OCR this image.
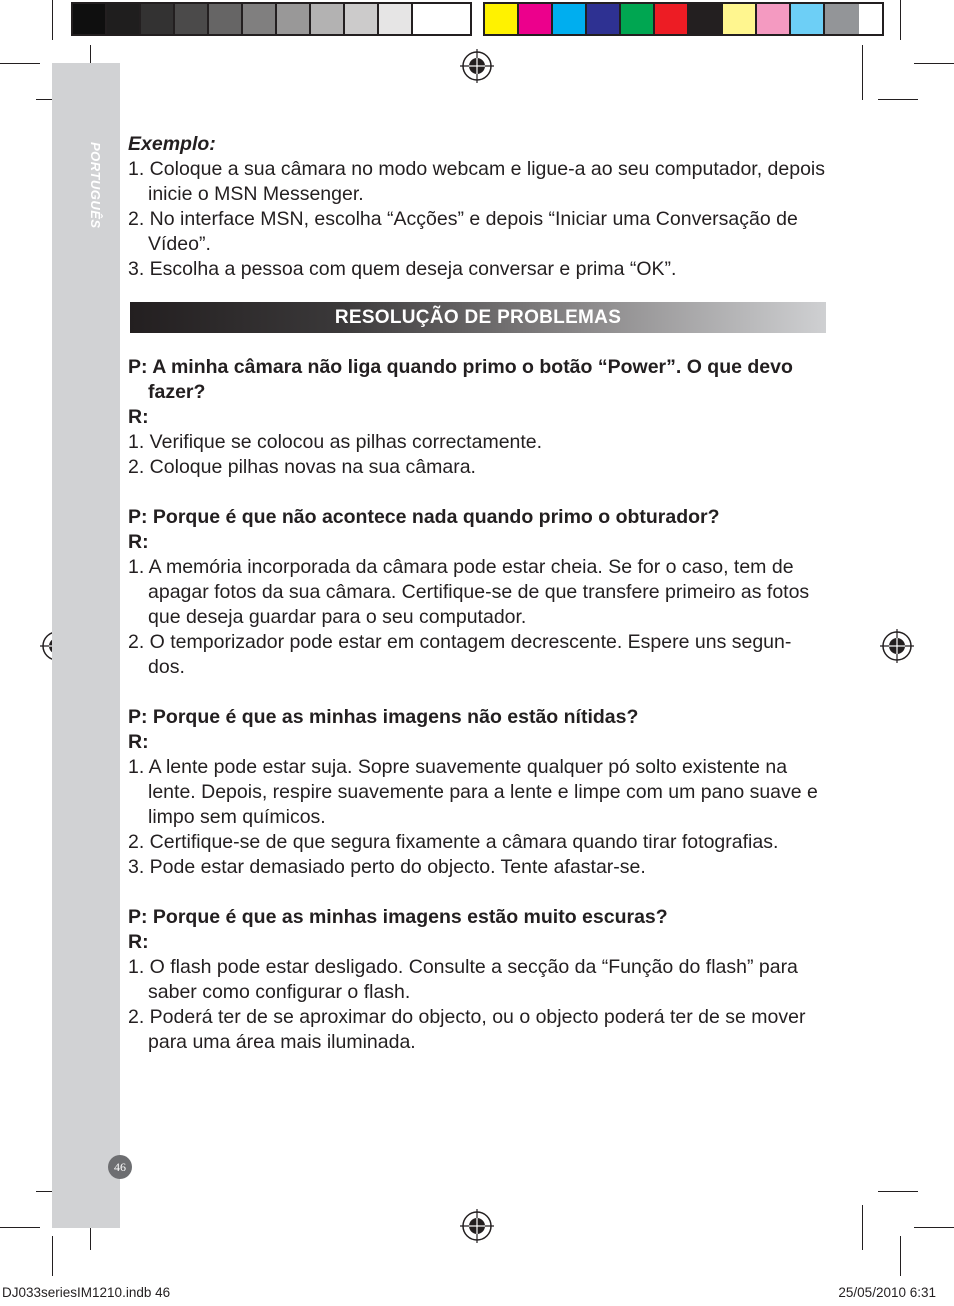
PORTUGUÊS Exemplo:

1. Coloque a sua câmara no modo webcam e ligue-a ao seu computador, depois inicie o MSN Messenger.

2. No interface MSN, escolha “Acções” e depois “Iniciar uma Conversação de Vídeo”.

3. Escolha a pessoa com quem deseja conversar e prima “OK”.

RESOLUÇÃO DE PROBLEMAS

P: A minha câmara não liga quando primo o botão “Power”. O que devo fazer?

R:

1. Verifique se colocou as pilhas correctamente.

2. Coloque pilhas novas na sua câmara.

P: Porque é que não acontece nada quando primo o obturador?

R:

1. A memória incorporada da câmara pode estar cheia. Se for o caso, tem de apagar fotos da sua câmara. Certifique-se de que transfere primeiro as fotos que deseja guardar para o seu computador.

2. O temporizador pode estar em contagem decrescente. Espere uns segun-dos.

P: Porque é que as minhas imagens não estão nítidas?

R:

1. A lente pode estar suja. Sopre suavemente qualquer pó solto existente na lente. Depois, respire suavemente para a lente e limpe com um pano suave e limpo sem químicos.

2. Certifique-se de que segura fixamente a câmara quando tirar fotografias.

3. Pode estar demasiado perto do objecto. Tente afastar-se.

P: Porque é que as minhas imagens estão muito escuras?

R:

1. O flash pode estar desligado. Consulte a secção da “Função do flash” para saber como configurar o flash.

2. Poderá ter de se aproximar do objecto, ou o objecto poderá ter de se mover para uma área mais iluminada.

46
DJ033seriesIM1210.indb 46	25/05/2010 6:31
